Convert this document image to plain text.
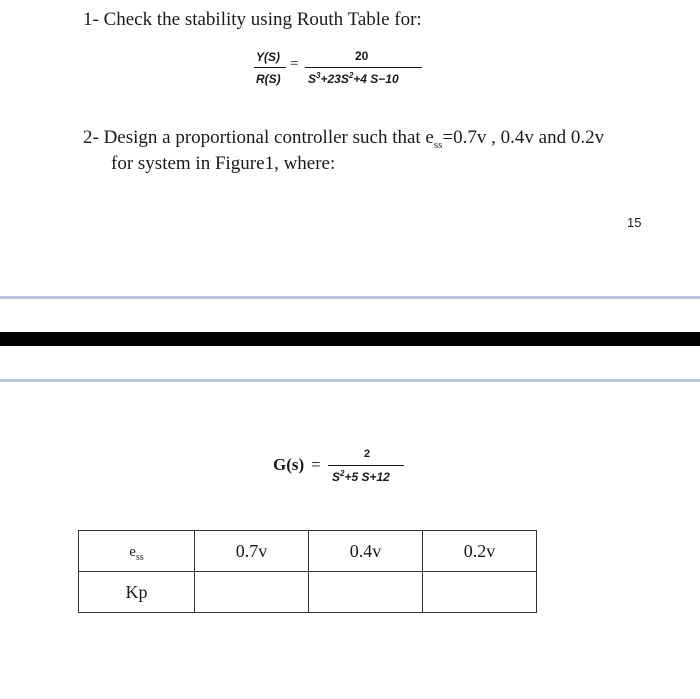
1- Check the stability using Routh Table for:
Y(S)
R(S)
=	20
$S^3+23S^2+4$ S−10
2- Design a proportional controller such that $e_{ss}=0.7v$ , 0.4v and 0.2v
for system in Figure1, where:
15
G(s) =
2
$S^2+5$ S+12
$e_{ss}$	0.7v	0.4v	0.2v
Kp			
